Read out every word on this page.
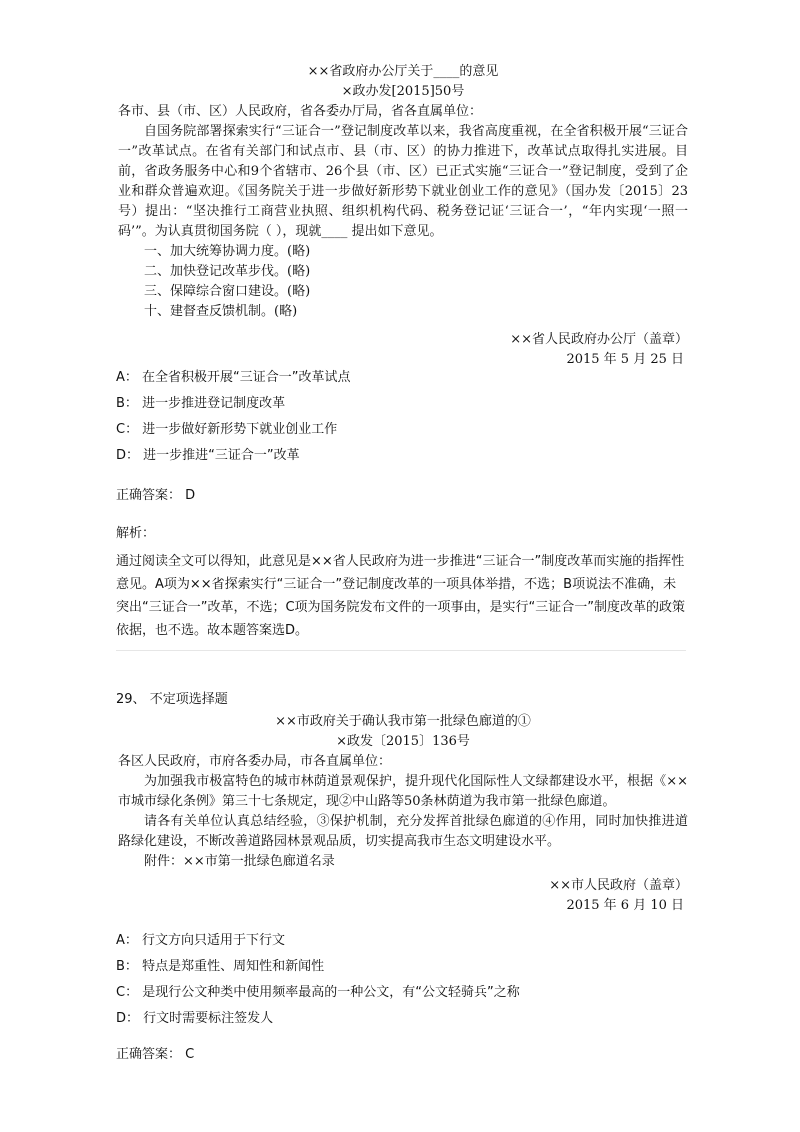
××省政府办公厅关于____的意见
×政办发[2015]50号
各市、县（市、区）人民政府，省各委办厅局，省各直属单位：
自国务院部署探索实行“三证合一”登记制度改革以来，我省高度重视，在全省积极开展“三证合一”改革试点。在省有关部门和试点市、县（市、区）的协力推进下，改革试点取得扎实进展。目前，省政务服务中心和9个省辖市、26个县（市、区）已正式实施“三证合一”登记制度，受到了企业和群众普遍欢迎。《国务院关于进一步做好新形势下就业创业工作的意见》（国办发〔2015〕23号）提出：“坚决推行工商营业执照、组织机构代码、税务登记证‘三证合一’，“年内实现‘一照一码’”。为认真贯彻国务院（ ），现就____ 提出如下意见。
一、加大统筹协调力度。(略)
二、加快登记改革步伐。(略)
三、保障综合窗口建设。(略)
十、建督查反馈机制。(略)
××省人民政府办公厅（盖章）
2015 年 5 月 25 日
A： 在全省积极开展“三证合一”改革试点
B： 进一步推进登记制度改革
C： 进一步做好新形势下就业创业工作
D： 进一步推进“三证合一”改革
正确答案： D
解析：
通过阅读全文可以得知，此意见是××省人民政府为进一步推进“三证合一”制度改革而实施的指挥性意见。A项为××省探索实行“三证合一”登记制度改革的一项具体举措，不选；B项说法不准确，未突出“三证合一”改革，不选；C项为国务院发布文件的一项事由，是实行“三证合一”制度改革的政策依据，也不选。故本题答案选D。
29、 不定项选择题
××市政府关于确认我市第一批绿色廊道的①
×政发〔2015〕136号
各区人民政府，市府各委办局，市各直属单位：
为加强我市极富特色的城市林荫道景观保护，提升现代化国际性人文绿都建设水平，根据《××市城市绿化条例》第三十七条规定，现②中山路等50条林荫道为我市第一批绿色廊道。
请各有关单位认真总结经验，③保护机制，充分发挥首批绿色廊道的④作用，同时加快推进道路绿化建设，不断改善道路园林景观品质，切实提高我市生态文明建设水平。
附件：××市第一批绿色廊道名录
××市人民政府（盖章）
2015 年 6 月 10 日
A： 行文方向只适用于下行文
B： 特点是郑重性、周知性和新闻性
C： 是现行公文种类中使用频率最高的一种公文，有“公文轻骑兵”之称
D： 行文时需要标注签发人
正确答案： C
